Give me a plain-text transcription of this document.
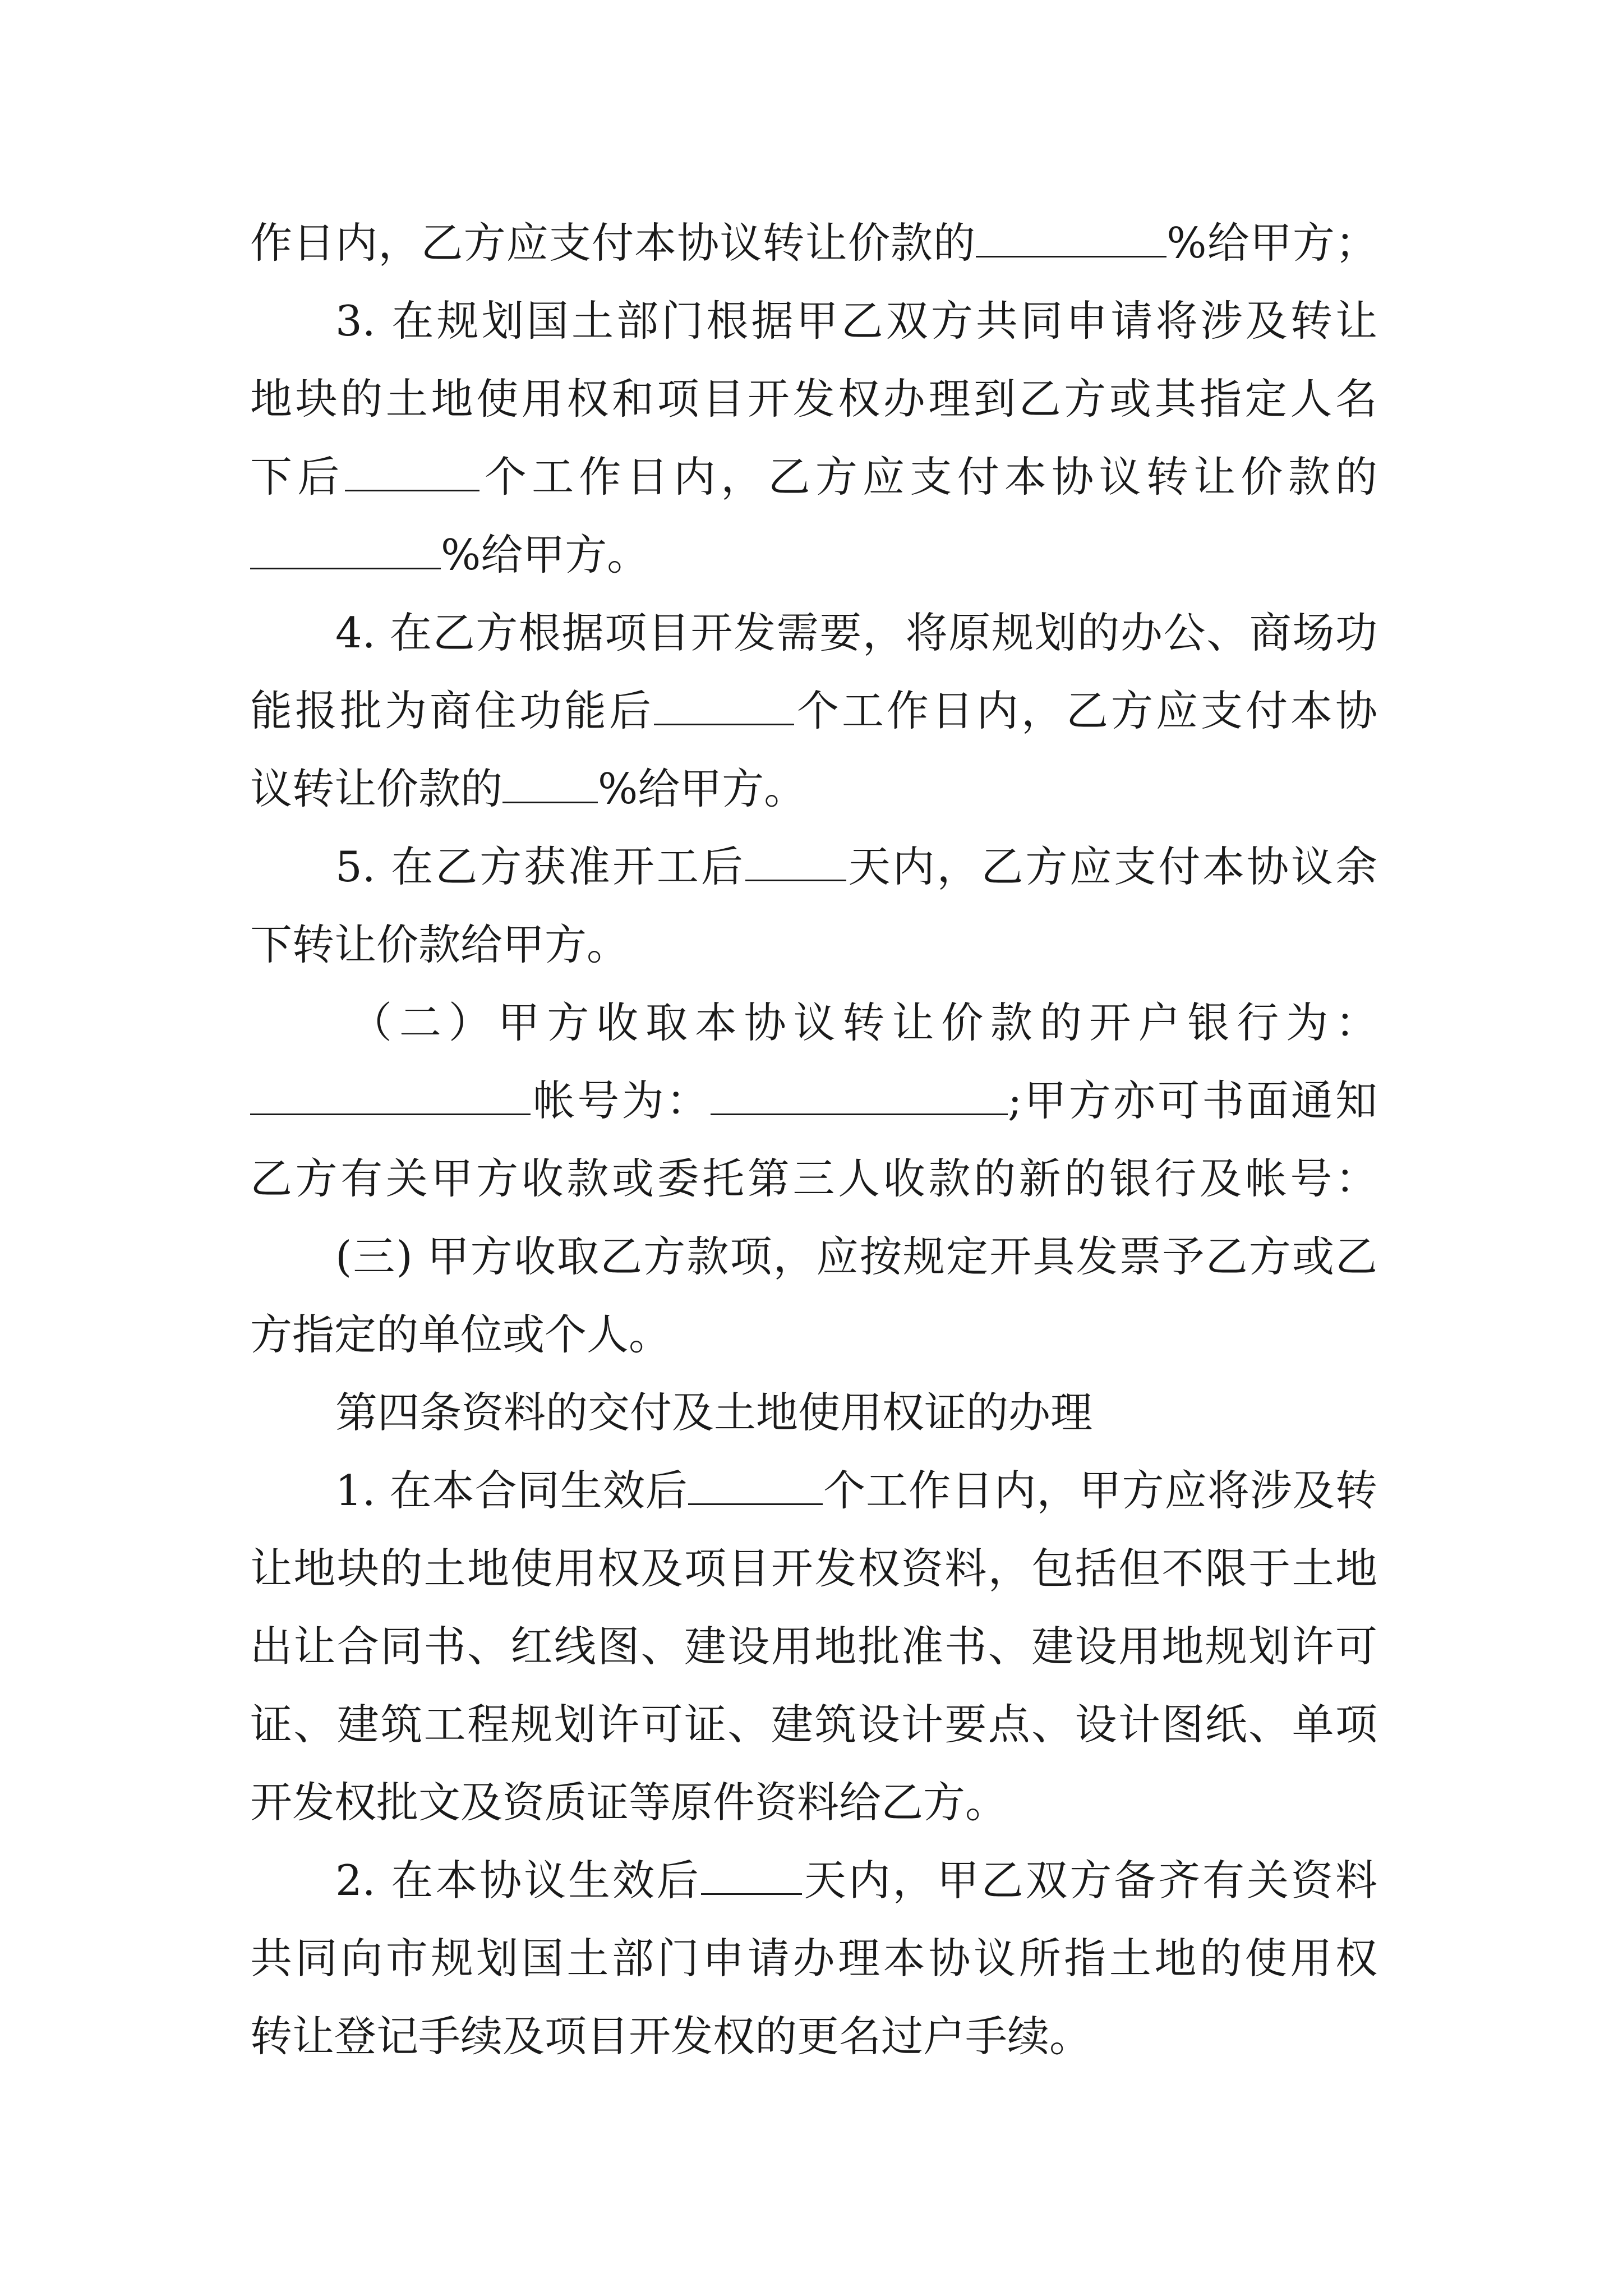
作日内，乙方应支付本协议转让价款的	%给甲方；
3. 在规划国土部门根据甲乙双方共同申请将涉及转让
地块的土地使用权和项目开发权办理到乙方或其指定人名
下后	个工作日内，乙方应支付本协议转让价款的
%给甲方。
4. 在乙方根据项目开发需要，将原规划的办公、商场功
能报批为商住功能后	个工作日内，乙方应支付本协
议转让价款的 %给甲方。
5. 在乙方获准开工后 天内，乙方应支付本协议余
下转让价款给甲方。
（二）甲方收取本协议转让价款的开户银行为：
帐号为：	;甲方亦可书面通知
乙方有关甲方收款或委托第三人收款的新的银行及帐号：
(三) 甲方收取乙方款项，应按规定开具发票予乙方或乙
方指定的单位或个人。
第四条资料的交付及土地使用权证的办理
1. 在本合同生效后	个工作日内，甲方应将涉及转
让地块的土地使用权及项目开发权资料，包括但不限于土地
出让合同书、红线图、建设用地批准书、建设用地规划许可
证、建筑工程规划许可证、建筑设计要点、设计图纸、单项
开发权批文及资质证等原件资料给乙方。
2. 在本协议生效后 天内，甲乙双方备齐有关资料
共同向市规划国土部门申请办理本协议所指土地的使用权
转让登记手续及项目开发权的更名过户手续。
